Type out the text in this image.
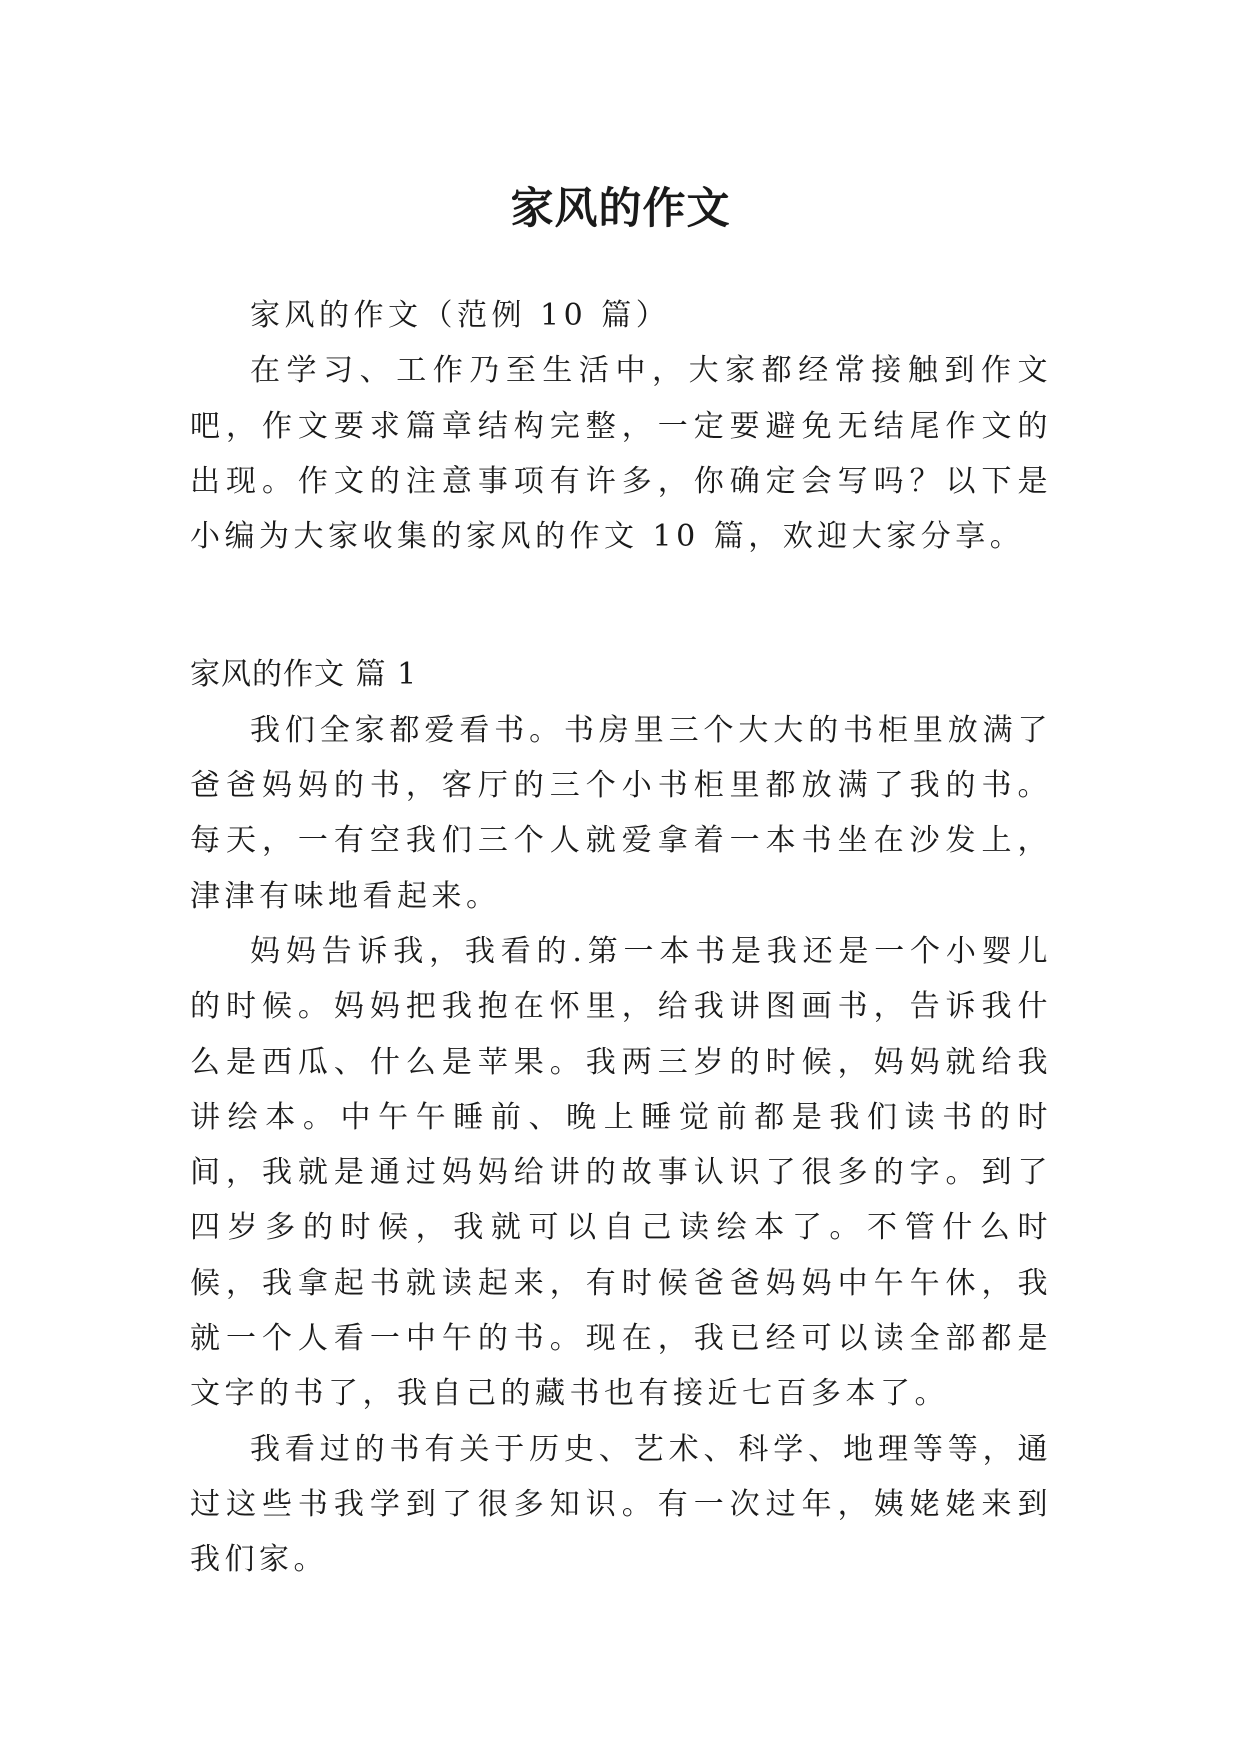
家风的作文

家风的作文（范例 10 篇）

在学习、工作乃至生活中，大家都经常接触到作文吧，作文要求篇章结构完整，一定要避免无结尾作文的出现。作文的注意事项有许多，你确定会写吗？以下是小编为大家收集的家风的作文 10 篇，欢迎大家分享。

家风的作文 篇 1

我们全家都爱看书。书房里三个大大的书柜里放满了爸爸妈妈的书，客厅的三个小书柜里都放满了我的书。每天，一有空我们三个人就爱拿着一本书坐在沙发上，津津有味地看起来。

妈妈告诉我，我看的.第一本书是我还是一个小婴儿的时候。妈妈把我抱在怀里，给我讲图画书，告诉我什么是西瓜、什么是苹果。我两三岁的时候，妈妈就给我讲绘本。中午午睡前、晚上睡觉前都是我们读书的时间，我就是通过妈妈给讲的故事认识了很多的字。到了四岁多的时候，我就可以自己读绘本了。不管什么时候，我拿起书就读起来，有时候爸爸妈妈中午午休，我就一个人看一中午的书。现在，我已经可以读全部都是文字的书了，我自己的藏书也有接近七百多本了。

我看过的书有关于历史、艺术、科学、地理等等，通过这些书我学到了很多知识。有一次过年，姨姥姥来到我们家。
